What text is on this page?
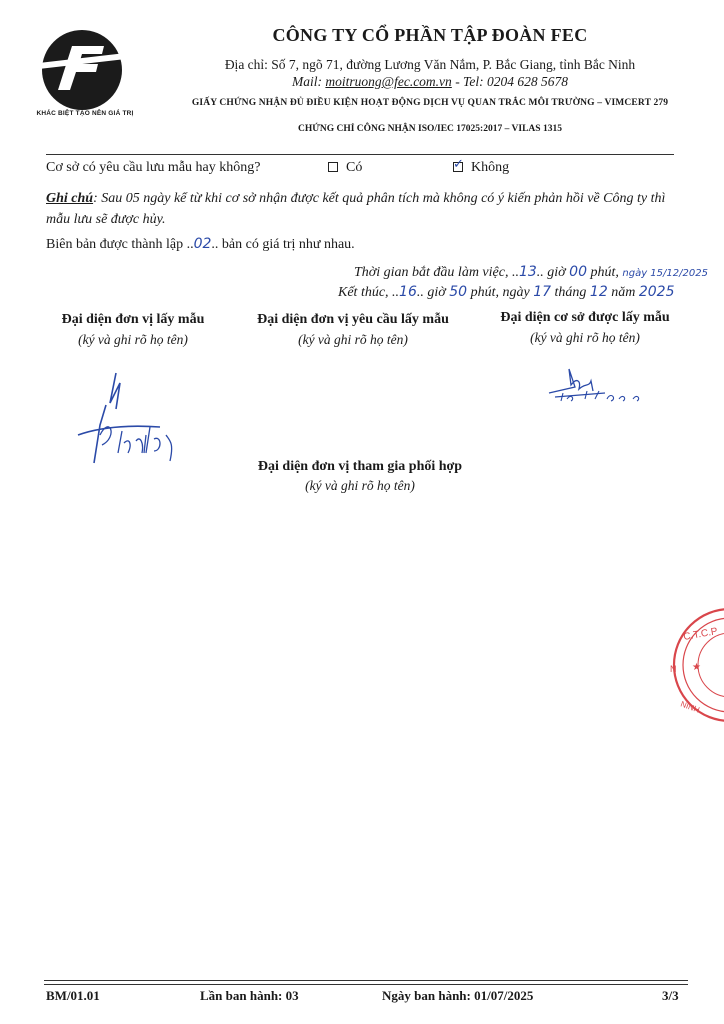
KHÁC BIỆT TẠO NÊN GIÁ TRỊ
CÔNG TY CỔ PHẦN TẬP ĐOÀN FEC
Địa chỉ: Số 7, ngõ 71, đường Lương Văn Nắm, P. Bắc Giang, tỉnh Bắc Ninh
Mail: moitruong@fec.com.vn - Tel: 0204 628 5678
GIẤY CHỨNG NHẬN ĐỦ ĐIỀU KIỆN HOẠT ĐỘNG DỊCH VỤ QUAN TRẮC MÔI TRƯỜNG – VIMCERT 279
CHỨNG CHỈ CÔNG NHẬN ISO/IEC 17025:2017 – VILAS 1315
Cơ sở có yêu cầu lưu mẫu hay không?	Có	✓ Không
Ghi chú: Sau 05 ngày kể từ khi cơ sở nhận được kết quả phân tích mà không có ý kiến phản hồi về Công ty thì mẫu lưu sẽ được hủy.
Biên bản được thành lập ..02.. bản có giá trị như nhau.
Thời gian bắt đầu làm việc, ..13.. giờ 00 phút, ngày 15/12/2025
Kết thúc, ..16.. giờ 50 phút, ngày 17 tháng 12 năm 2025
Đại diện đơn vị lấy mẫu
(ký và ghi rõ họ tên)
Đại diện đơn vị yêu cầu lấy mẫu
(ký và ghi rõ họ tên)
Đại diện cơ sở được lấy mẫu
(ký và ghi rõ họ tên)
Đại diện đơn vị tham gia phối hợp
(ký và ghi rõ họ tên)
C.T.C.P
★
N
NINH
BM/01.01	Lần ban hành: 03	Ngày ban hành: 01/07/2025	3/3
